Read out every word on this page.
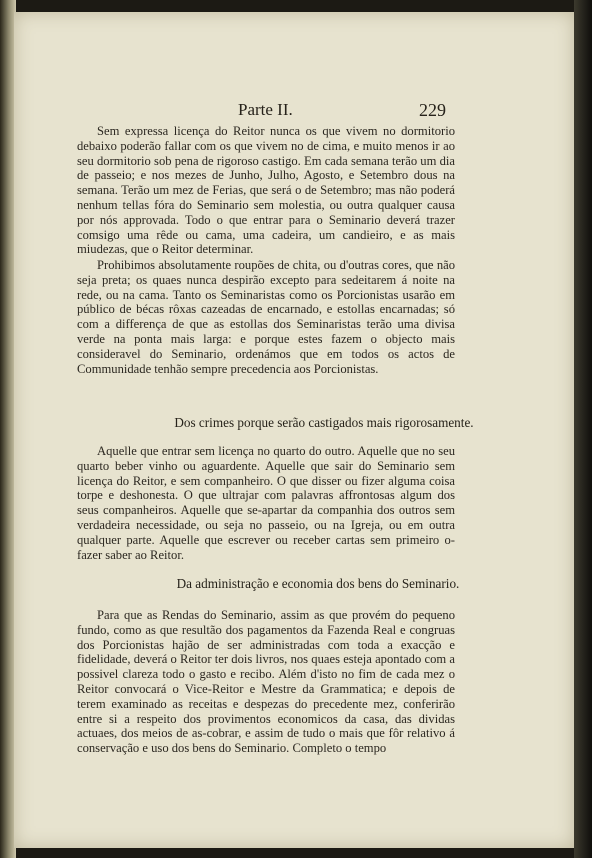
Parte II.	229

Sem expressa licença do Reitor nunca os que vivem no dormitorio debaixo poderão fallar com os que vivem no de cima, e muito menos ir ao seu dormitorio sob pena de rigoroso castigo. Em cada semana terão um dia de passeio; e nos mezes de Junho, Julho, Agosto, e Setembro dous na semana. Terão um mez de Ferias, que será o de Setembro; mas não poderá nenhum tellas fóra do Seminario sem molestia, ou outra qualquer causa por nós approvada. Todo o que entrar para o Seminario deverá trazer comsigo uma rêde ou cama, uma cadeira, um candieiro, e as mais miudezas, que o Reitor determinar.

Prohibimos absolutamente roupões de chita, ou d'outras cores, que não seja preta; os quaes nunca despirão excepto para sedeitarem á noite na rede, ou na cama. Tanto os Seminaristas como os Porcionistas usarão em público de bécas rôxas cazeadas de encarnado, e estollas encarnadas; só com a differença de que as estollas dos Seminaristas terão uma divisa verde na ponta mais larga: e porque estes fazem o objecto mais consideravel do Seminario, ordenámos que em todos os actos de Communidade tenhão sempre precedencia aos Porcionistas.

Dos crimes porque serão castigados mais rigorosamente.

Aquelle que entrar sem licença no quarto do outro. Aquelle que no seu quarto beber vinho ou aguardente. Aquelle que sair do Seminario sem licença do Reitor, e sem companheiro. O que disser ou fizer alguma coisa torpe e deshonesta. O que ultrajar com palavras affrontosas algum dos seus companheiros. Aquelle que se-apartar da companhia dos outros sem verdadeira necessidade, ou seja no passeio, ou na Igreja, ou em outra qualquer parte. Aquelle que escrever ou receber cartas sem primeiro o-fazer saber ao Reitor.

Da administração e economia dos bens do Seminario.

Para que as Rendas do Seminario, assim as que provém do pequeno fundo, como as que resultão dos pagamentos da Fazenda Real e congruas dos Porcionistas hajão de ser administradas com toda a exacção e fidelidade, deverá o Reitor ter dois livros, nos quaes esteja apontado com a possivel clareza todo o gasto e recibo. Além d'isto no fim de cada mez o Reitor convocará o Vice-Reitor e Mestre da Grammatica; e depois de terem examinado as receitas e despezas do precedente mez, conferirão entre si a respeito dos provimentos economicos da casa, das dividas actuaes, dos meios de as-cobrar, e assim de tudo o mais que fôr relativo á conservação e uso dos bens do Seminario. Completo o tempo
